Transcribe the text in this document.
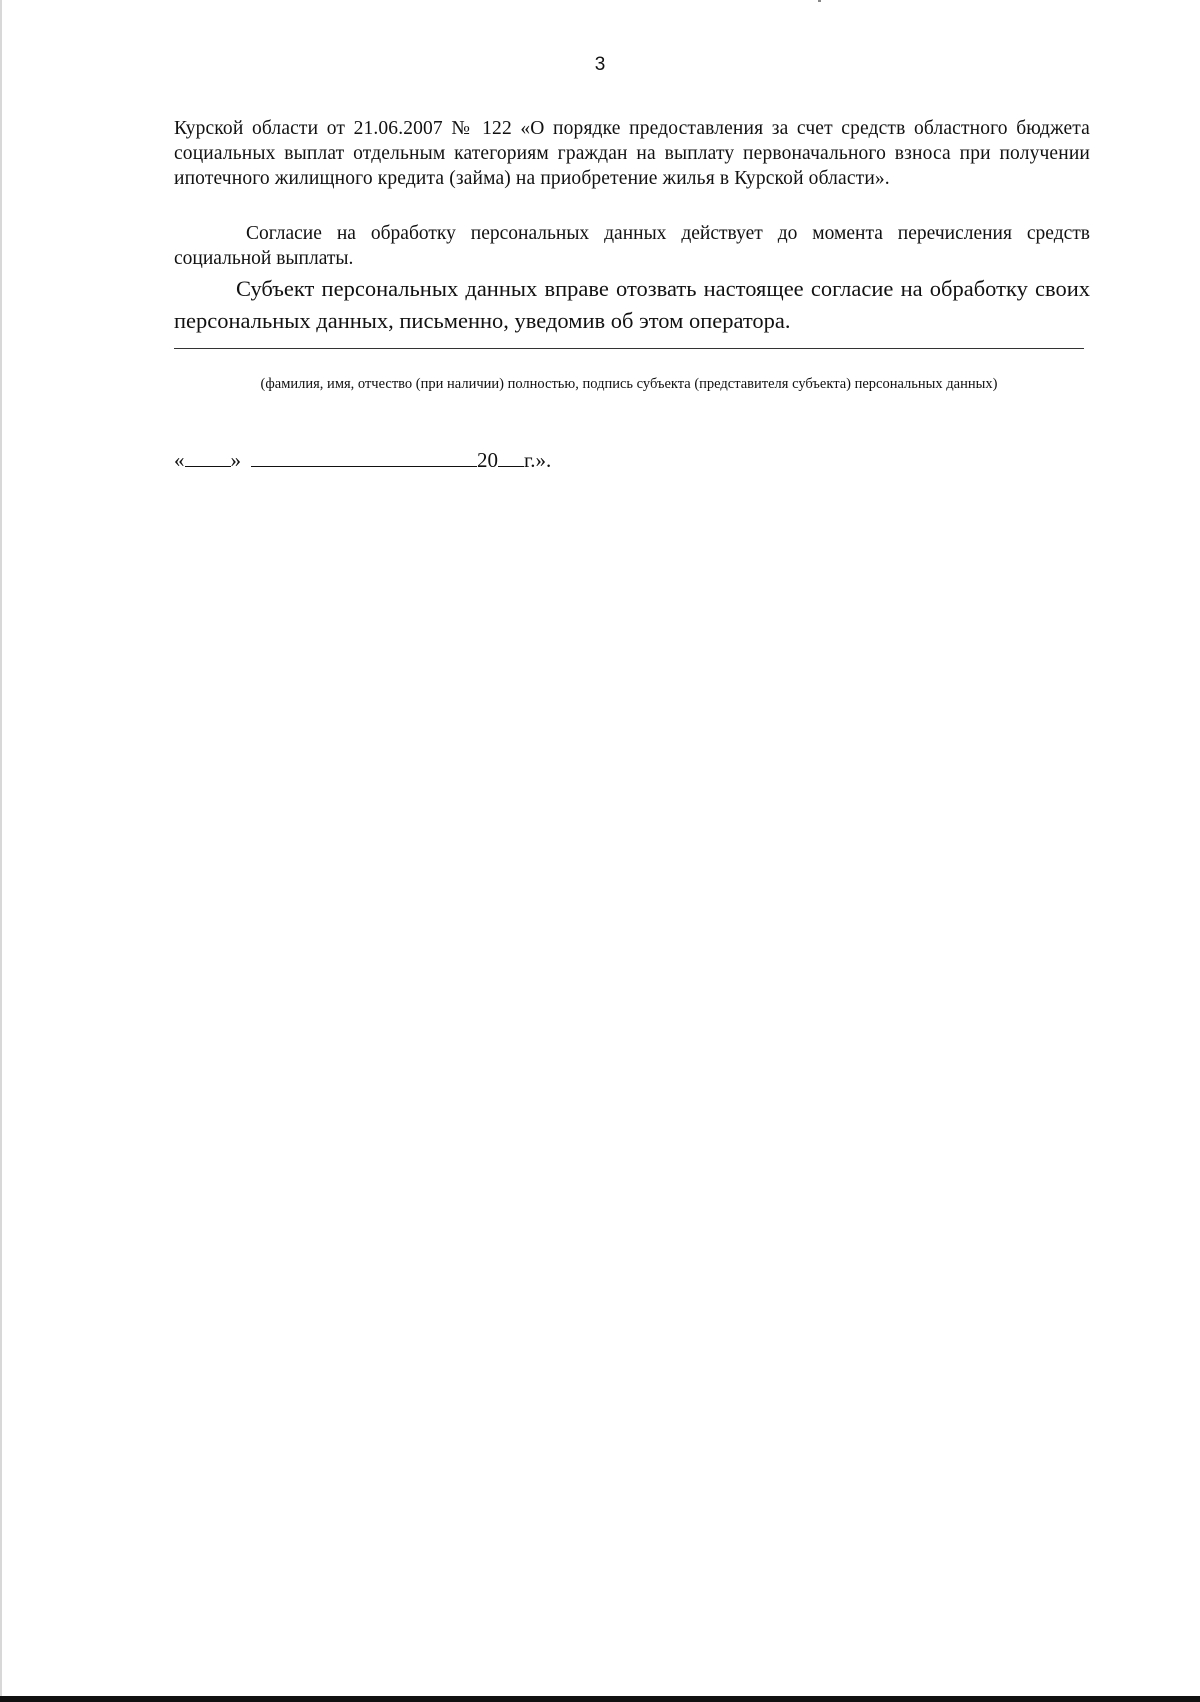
3
Курской области от 21.06.2007 № 122 «О порядке предоставления за счет средств областного бюджета социальных выплат отдельным категориям граждан на выплату первоначального взноса при получении ипотечного жилищного кредита (займа) на приобретение жилья в Курской области».
Согласие на обработку персональных данных действует до момента перечисления средств социальной выплаты.
Субъект персональных данных вправе отозвать настоящее согласие на обработку своих персональных данных, письменно, уведомив об этом оператора.
(фамилия, имя, отчество (при наличии) полностью, подпись субъекта (представителя субъекта) персональных данных)
« »	20 г.».
